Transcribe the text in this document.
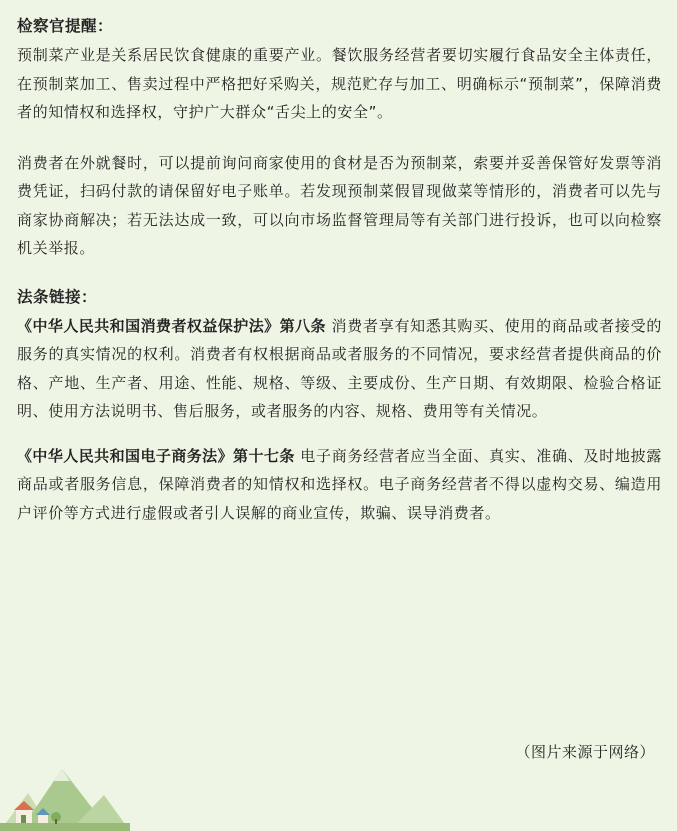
检察官提醒：

预制菜产业是关系居民饮食健康的重要产业。餐饮服务经营者要切实履行食品安全主体责任，在预制菜加工、售卖过程中严格把好采购关，规范贮存与加工、明确标示“预制菜”，保障消费者的知情权和选择权，守护广大群众“舌尖上的安全”。

消费者在外就餐时，可以提前询问商家使用的食材是否为预制菜，索要并妥善保管好发票等消费凭证，扫码付款的请保留好电子账单。若发现预制菜假冒现做菜等情形的，消费者可以先与商家协商解决；若无法达成一致，可以向市场监督管理局等有关部门进行投诉，也可以向检察机关举报。

法条链接：

《中华人民共和国消费者权益保护法》第八条 消费者享有知悉其购买、使用的商品或者接受的服务的真实情况的权利。消费者有权根据商品或者服务的不同情况，要求经营者提供商品的价格、产地、生产者、用途、性能、规格、等级、主要成份、生产日期、有效期限、检验合格证明、使用方法说明书、售后服务，或者服务的内容、规格、费用等有关情况。

《中华人民共和国电子商务法》第十七条 电子商务经营者应当全面、真实、准确、及时地披露商品或者服务信息，保障消费者的知情权和选择权。电子商务经营者不得以虚构交易、编造用户评价等方式进行虚假或者引人误解的商业宣传，欺骗、误导消费者。

（图片来源于网络）
